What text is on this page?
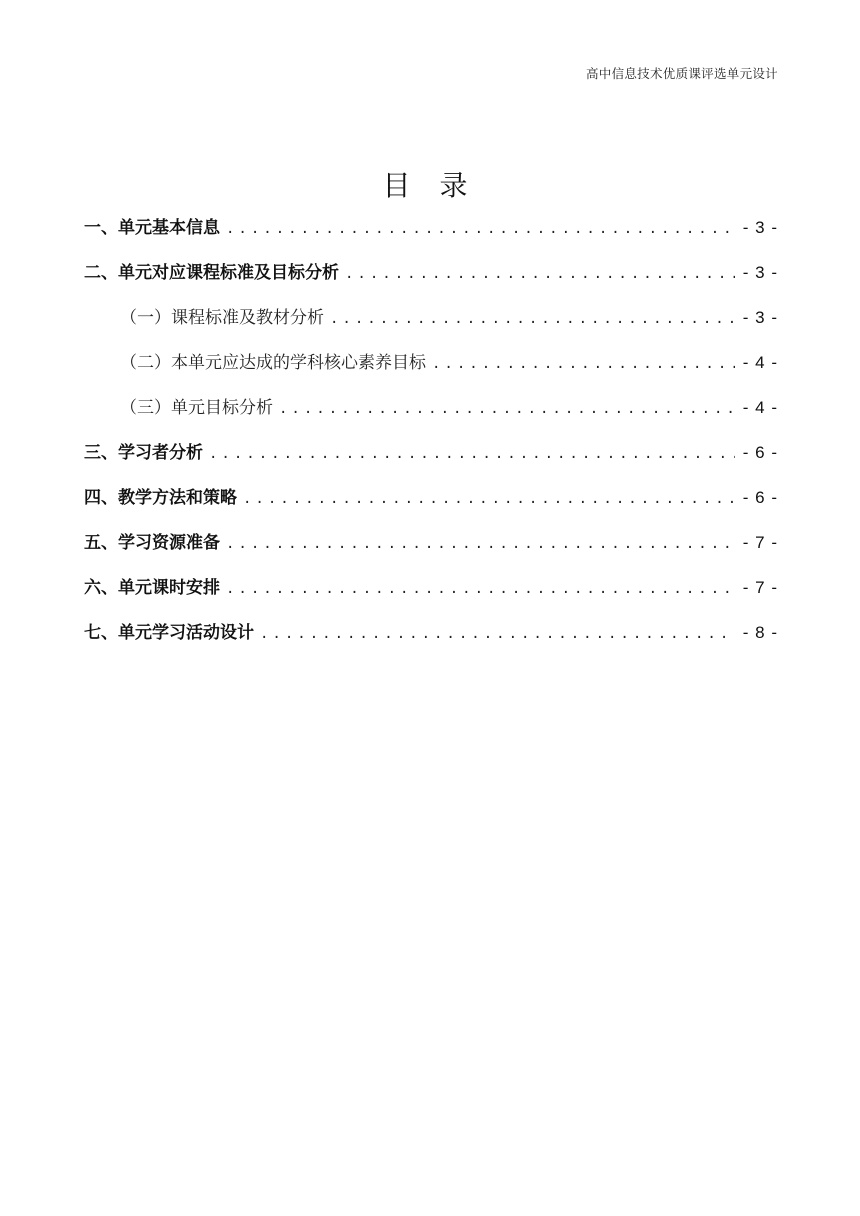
高中信息技术优质课评选单元设计
目 录
一、单元基本信息 .....	- 3 -
二、单元对应课程标准及目标分析 .....	- 3 -
（一）课程标准及教材分析 .....	- 3 -
（二）本单元应达成的学科核心素养目标 .....	- 4 -
（三）单元目标分析 .....	- 4 -
三、学习者分析 .....	- 6 -
四、教学方法和策略 .....	- 6 -
五、学习资源准备 .....	- 7 -
六、单元课时安排 .....	- 7 -
七、单元学习活动设计 .....	- 8 -
